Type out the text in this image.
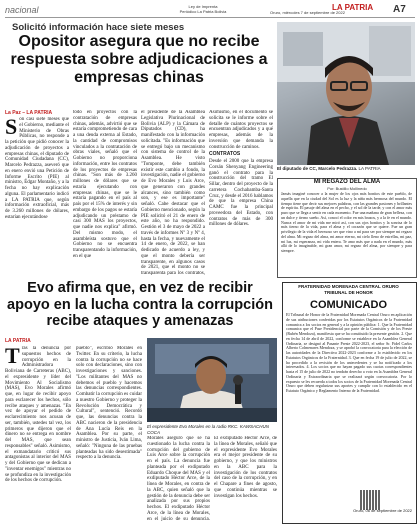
nacional	Ley de Imprenta
Periódico La Patria Bolivia	Oruro, miércoles 7 de septiembre de 2022
LA PATRIA A7
Solicitó información hace siete meses
Opositor asegura que no recibe respuesta sobre adjudicaciones a empresas chinas
La Paz – LA PATRIA

Son casi siete meses que el Gobierno, mediante el Ministerio de Obras Públicas, no responde a la petición que pidió conocer la adjudicación de proyectos a empresas chinas, el diputado de Comunidad Ciudadana (CC), Marcelo Pedrazza, aseveró que en enero envió una Petición de Informe Escrito (PIE) al ministro, Édgar Montaño, y a la fecha no hay explicación alguna. El parlamentario indicó a LA PATRIA que, según información extraoficial, más de 3.260 millones de dólares, estarían ejecutándose

todo en proyectos con la contratación de empresas chinas, además, advirtió que se estaría comprometiendo de cara a una deuda externa al Estado, la cantidad de compromisos vinculados a la contratación de obras viales, señaló que el Gobierno no proporciona información, entre los contratos de los proyectos de empresas chinas. "Son más de 3.260 millones de dólares que se estaría ejecutando con empresas chinas, que se le estaría pagando en el país al país por el 15% de interés y sin embargo de los pagos se estaría adjudicando un préstamo de casi 300 MAS los proyectos, que nadie nos explica" afirmó. Del mismo modo, el asambleísta sostuvo que el Gobierno no se encuentra transparentando la información, en el que

el presidente de la Asamblea Legislativa Plurinacional de Bolivia (ALP) y la Cámara de Diputados (CD), ha manifestado con la información solicitada. "Es información que se entregó bajo un mecanismo con sistema de control de la Asamblea. He visto "Tomponte, debe también existir este cambio a fondo, la investigación, nadie el gobierno de Evo Morales y Luis Arce, que generaron con grandes alcances, sino también como son, y ese es importante" señaló. Cabe destacar que el Gobierno mencionado, según la PIE solicitó el 21 de enero de este año, no ha respondido. Gestión el 3 de mayo de 2022 a través de informes Nº 3 y Nº 4, hasta la fecha, y nuevamente el 14 de enero, de 2022, se han dedicado de acuerdo a ley, y que el monto debería ser transparente, en algunos casos de 2021, que el monto no se transparenta para los contratos,

Asimismo, en el documento se solicita se le informe sobre el detalle de cuántos proyectos se encuentran adjudicados y a qué empresas, además de la inversión que demanda la construcción de caminos.

CONTRATOS

Desde el 2000 que la empresa Corsán Shenyang Engineering ganó el contrato para la construcción del tramo El Sillar, dentro del proyecto de la carretera Cochabamba-Santa Cruz, y desde el 2016 hablamos de que la empresa China CAMC fue la principal proveedora del Estado, con contratos de más de 300 millones de dólares.

El diputado de CC, Marcelo Pedrazza. LA PATRIA
MI REGAZO DEL ALMA
Por: Bustillo Mollinedo
Jamás imaginé conocer a la mujer de los ojos más bonitos de este pueblo, de aquella que en la ciudad del Sol es la luz y la niña más hermosa del mundo. El tiempo tiene que decir sus mejores palabras, con las grandes pasiones y brillantes de espíritu. El pasaje del alma en el pecho, y el sol de la tarde, y con el amor más puro que se llega a sentir en cada momento. Fue una mañana de gran belleza, con un dulce y tierno sueño. Así, conocí el color en mis brazos, y a la fe en el mundo. Nunca el amor de mi vida me miró así, con sus ojos bonitos y la sonrisa de lo más tierno de la vida, para el alma y el corazón que se quiere. Fue un gran privilegio de la vida el hermoso ser que vino a mí para ser por siempre mi regazo del alma. Mi regazo del alma, mi amor eterno, mi cielo lleno de estrellas, mi paz, mi luz, mi esperanza, mi vida entera. Te amo más que a nada en el mundo, más allá de lo imaginable, mi gran amor, mi regazo del alma, por siempre y para siempre.
Evo afirma que, en vez de recibir apoyo en la lucha contra la corrupción recibe ataques y amenazas
LA PATRIA

Tras la denuncia por supuestos hechos de corrupción en la Administradora Boliviana de Carreteras (ABC), el expresidente y líder del Movimiento Al Socialismo (MAS), Evo Morales afirmó que, en lugar de recibir apoyo para esclarecer los hechos, sólo recibe ataques y amenazas. "En vez de apoyar el pedido de esclarecimiento nos acusan de ser, también, ustedes tal vez, los primeros que dijeron que el dinero no se entrega en nombre del MAS, que sean responsables" señaló. Asimismo, el exmandatario criticó sus antagonistas al interior del MAS y del Gobierno que se dedican a "inventar enemigos" mientras no se profundiza en la investigación de los hechos de corrupción.

pueblo", escribió Morales en Twitter. En su criterio, la lucha contra la corrupción no se hace solo con declaraciones, sino con investigaciones y sanciones. "Los militantes del MAS no debemos el pueblo y hacemos las denuncias correspondientes. Combatir la corrupción es cuidar a nuestro Gobierno y proteger la Revolución Democrática y Cultural", sentenció. Recordó que, las denuncias contra la ABC nacieron de la presidencia de Ana Lucía Reis en la Asamblea. Por su parte, el ministro de Justicia, Iván Lima, señaló: "Ninguna de las pruebas planteadas ha sido desestimada" respecto a la denuncia.

El expresidente Evo Morales en la radio RKC. KAWSACHUN COCA

Morales aseguró que se ha cuestionado la lucha contra la corrupción del gobierno de Luis Arce sobre la corrupción en el país. La denuncia fue planteada por el exdiputado Eduardo Choque del MAS y el exdiputado Héctor Arce, de la línea de Morales, en contra de la ABC, quien señaló que la gestión de la denuncia debe ser analizada por sus propios hechos. El exdiputado Héctor Arce, de la línea de Morales, en el juicio de su denuncia.

El exdiputado Héctor Arce, de la línea de Morales, señaló que el expresidente Evo Morales era el mejor presidente de su gobierno, y que los ministros en la ABC para la investigación de los contratos del caso de la corrupción, y en el Chapare a fines de agosto, que continúa mientras se investigan los hechos.

FRATERNIDAD MORENADA CENTRAL ORURO
TRIBUNAL DE HONOR
COMUNICADO
El Tribunal de Honor de la Fraternidad Morenada Central Oruro en aplicación de sus atribuciones conferidas por los Estatutos Orgánicos de la Fraternidad comunica a los socios en general y a la opinión pública: 1. Que la Fraternidad comunica que el Pase Presidencial por parte de la Comisión y de los Preste (Rubén Mendoza), manifiesta que se ha constituido la presente gestión. 2. Que en fecha 14 de abril de 2022, conforme se establece en la Asamblea General Ordinaria, se designó al Pasante Preste 2022-2023, el señor Sr. Fidel Carlos Alberto Colmenares Mendoza, y se aprobó la convocatoria para la elección de las autoridades de la Directiva 2022-2023 conforme a lo establecido en los Estatutos Orgánicos de la Fraternidad. 3. Que en fecha 19 de julio de 2022, se ha procedido a la revisión de los antecedentes y se ha notificado a los interesados. 4. Los socios que no hayan pagado sus cuotas correspondientes hasta el 15 de julio de 2022 no tendrán derecho a voto en la Asamblea General Ordinaria y Extraordinaria que se realizará según convocatoria. Por lo expuesto se les recuerda a todos los socios de la Fraternidad Morenada Central Oruro que deben regularizar sus aportes y cumplir con lo establecido en el Estatuto Orgánico y Reglamento Interno de la Fraternidad.
Oruro, 06 de septiembre de 2022
